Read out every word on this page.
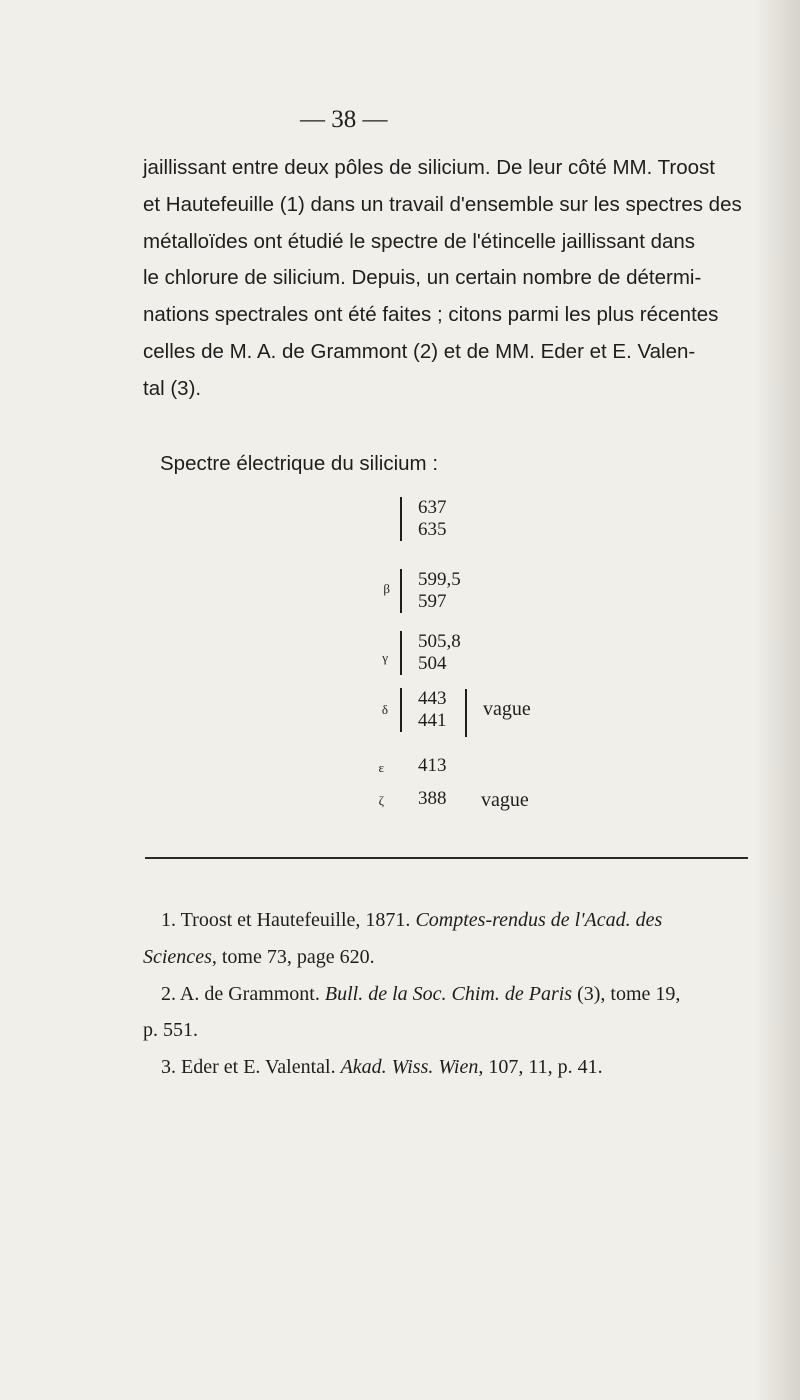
— 38 —
jaillissant entre deux pôles de silicium. De leur côté MM. Troost
et Hautefeuille (1) dans un travail d'ensemble sur les spectres des
métalloïdes ont étudié le spectre de l'étincelle jaillissant dans
le chlorure de silicium. Depuis, un certain nombre de détermi-
nations spectrales ont été faites ; citons parmi les plus récentes
celles de M. A. de Grammont (2) et de MM. Eder et E. Valen-
tal (3).
Spectre électrique du silicium :
637
635
β 599,5
597
γ
505,8
504
δ
443
441
vague
ε 413
ζ 388 vague

1. Troost et Hautefeuille, 1871. Comptes-rendus de l'Acad. des

Sciences, tome 73, page 620.

2. A. de Grammont. Bull. de la Soc. Chim. de Paris (3), tome 19,

p. 551.

3. Eder et E. Valental. Akad. Wiss. Wien, 107, 11, p. 41.
